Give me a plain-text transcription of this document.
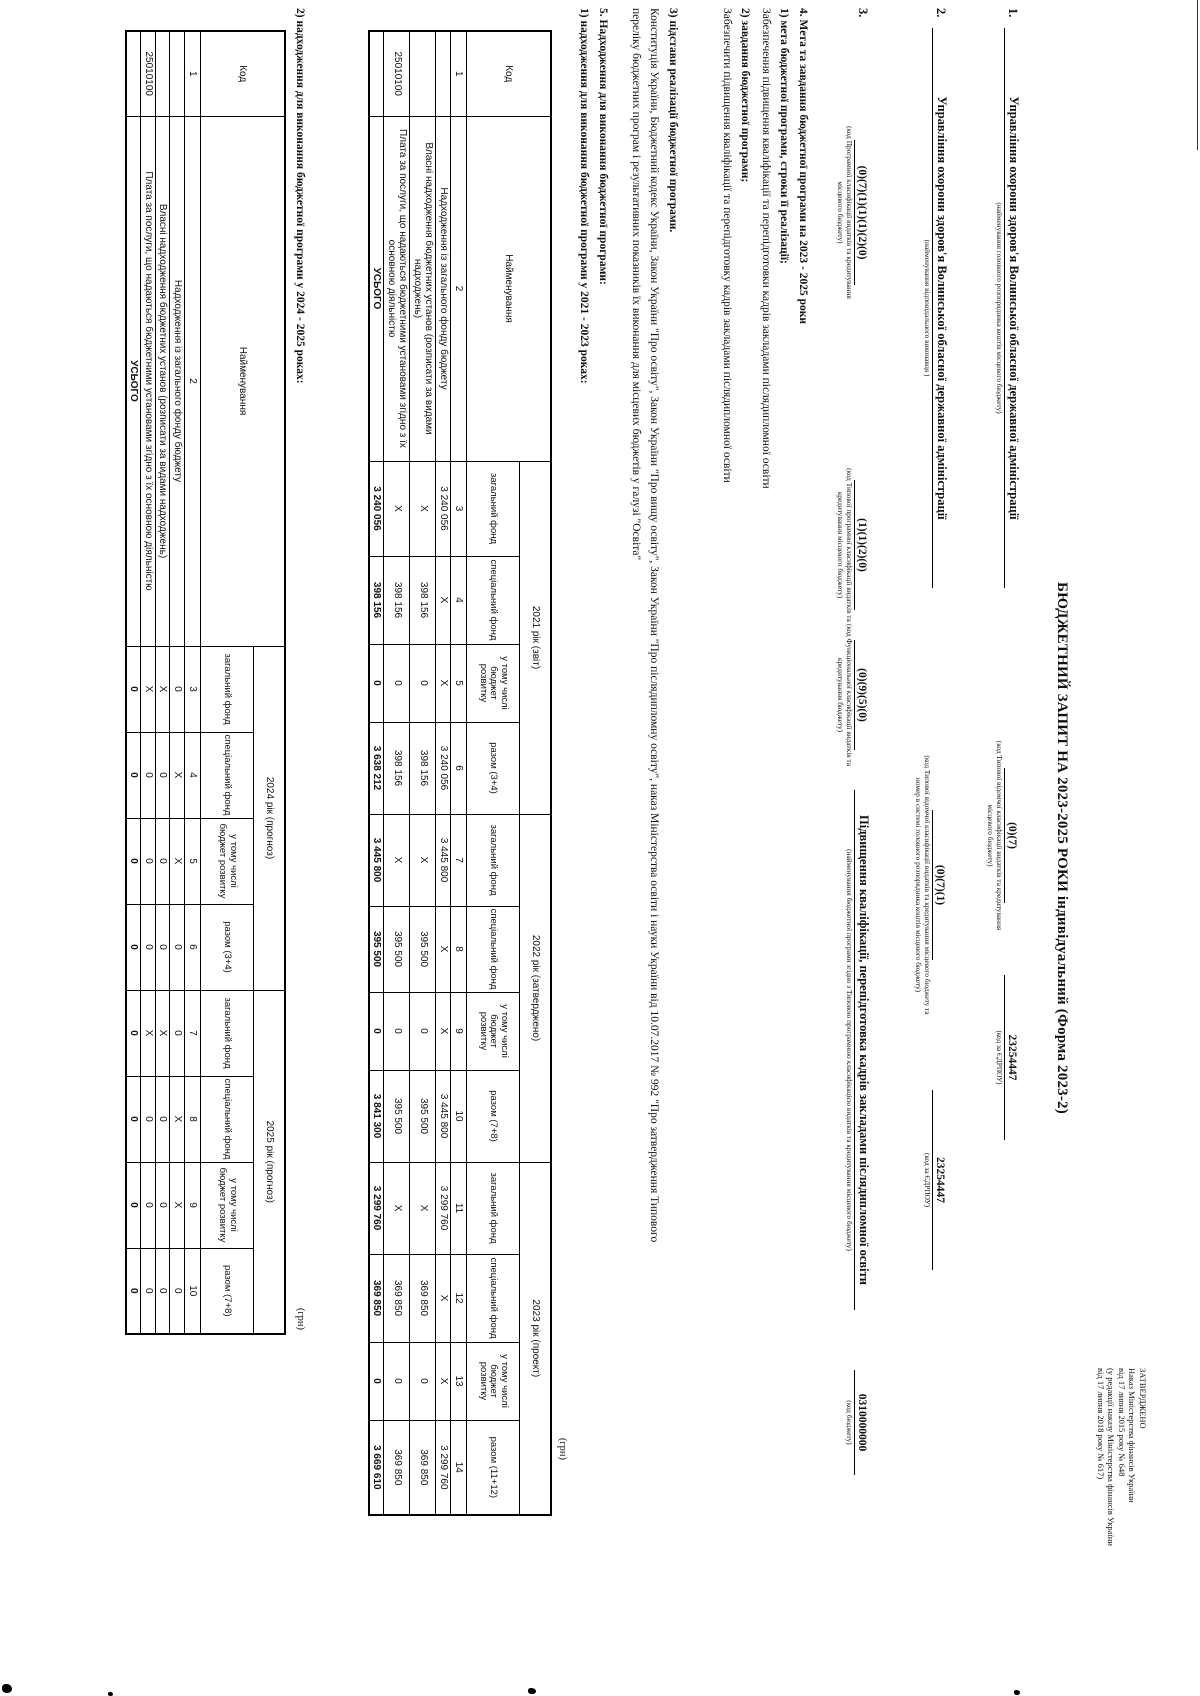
ЗАТВЕРДЖЕНО
Наказ Міністерства фінансів України
від 17 липня 2015 року № 648
(у редакції наказу Міністерства фінансів України
від 17 липня 2018 року № 617)
БЮДЖЕТНИЙ ЗАПИТ НА 2023-2025 РОКИ індивідуальний (Форма 2023-2)
1.
Управління охорони здоров'я Волинської обласної державної адміністрації
(найменування головного розпорядника коштів місцевого бюджету)
(0)(7)
(код Типової відомчої класифікації видатків та кредитування місцевого бюджету)
23254447
(код за ЄДРПОУ)
2.
Управління охорони здоров'я Волинської обласної державної адміністрації
(найменування відповідального виконавця )
(0)(7)(1)
(код Типової відомчої класифікації видатків та кредитування місцевого бюджету та номер в системі головного розпорядника коштів місцевого бюджету)
23254447
(код за ЄДРПОУ)
3.
(0)(7)(1)(1)(1)(2)(0)
(код Програмної класифікації видатків та кредитування місцевого бюджету)
(1)(1)(2)(0)
(код Типової програмної класифікації видатків та кредитування місцевого бюджету)
(0)(9)(5)(0)
(код Функціональної класифікації видатків та кредитування бюджету)
Підвищення кваліфікації, перепідготовка кадрів закладами післядипломної освіти
(найменування бюджетної програми згідно з Типовою програмною класифікацією видатків та кредитування місцевого бюджету)
0310000000
(код бюджету)
4. Мета та завдання бюджетної програми на 2023 - 2025 роки
1) мета бюджетної програми, строки її реалізації;
Забезпечення підвищення кваліфікації та перепідготовки кадрів закладами післядипломної освіти
2) завдання бюджетної програми;
Забезпечити підвищення кваліфікації та перепідготовку кадрів закладами післядипломної освіти
3) підстави реалізації бюджетної програми.
Конституція України, Бюджетний кодекс України, Закон України "Про освіту", Закон України "Про вищу освіту", Закон України "Про післядипломну освіту", наказ Міністерства освіти і науки України від 10.07.2017 № 992 "Про затвердження Типового
переліку бюджетних програм і результативних показників їх виконання для місцевих бюджетів у галузі "Освіта"
5. Надходження для виконання бюджетної програми:
1) надходження для виконання бюджетної програми у 2021 - 2023 роках:
(грн)
Код	Найменування	2021 рік (звіт)				2022 рік (затверджено)				2023 рік (проект)			
		загальний фонд	спеціальний фонд	у тому числі бюджет розвитку	разом (3+4)	загальний фонд	спеціальний фонд	у тому числі бюджет розвитку	разом (7+8)	загальний фонд	спеціальний фонд	у тому числі бюджет розвитку	разом (11+12)
1	2	3	4	5	6	7	8	9	10	11	12	13	14
	Надходження із загального фонду бюджету	3 240 056	X	X	3 240 056	3 445 800	X	X	3 445 800	3 299 760	X	X	3 299 760
	Власні надходження бюджетних установ (розписати за видами надходжень)	X	398 156	0	398 156	X	395 500	0	395 500	X	369 850	0	369 850
25010100	Плата за послуги, що надаються бюджетними установами згідно з їх основною діяльністю	X	398 156	0	398 156	X	395 500	0	395 500	X	369 850	0	369 850
	УСЬОГО	3 240 056	398 156	0	3 638 212	3 445 800	395 500	0	3 841 300	3 299 760	369 850	0	3 669 610
2) надходження для виконання бюджетної програми у 2024 - 2025 роках:
(грн)
Код	Найменування	2024 рік (прогноз)				2025 рік (прогноз)			
		загальний фонд	спеціальний фонд	у тому числі бюджет розвитку	разом (3+4)	загальний фонд	спеціальний фонд	у тому числі бюджет розвитку	разом (7+8)
1	2	3	4	5	6	7	8	9	10
	Надходження із загального фонду бюджету	0	X	X	0	0	X	X	0
	Власні надходження бюджетних установ (розписати за видами надходжень)	X	0	0	0	X	0	0	0
25010100	Плата за послуги, що надаються бюджетними установами згідно з їх основною діяльністю	X	0	0	0	X	0	0	0
	УСЬОГО	0	0	0	0	0	0	0	0
